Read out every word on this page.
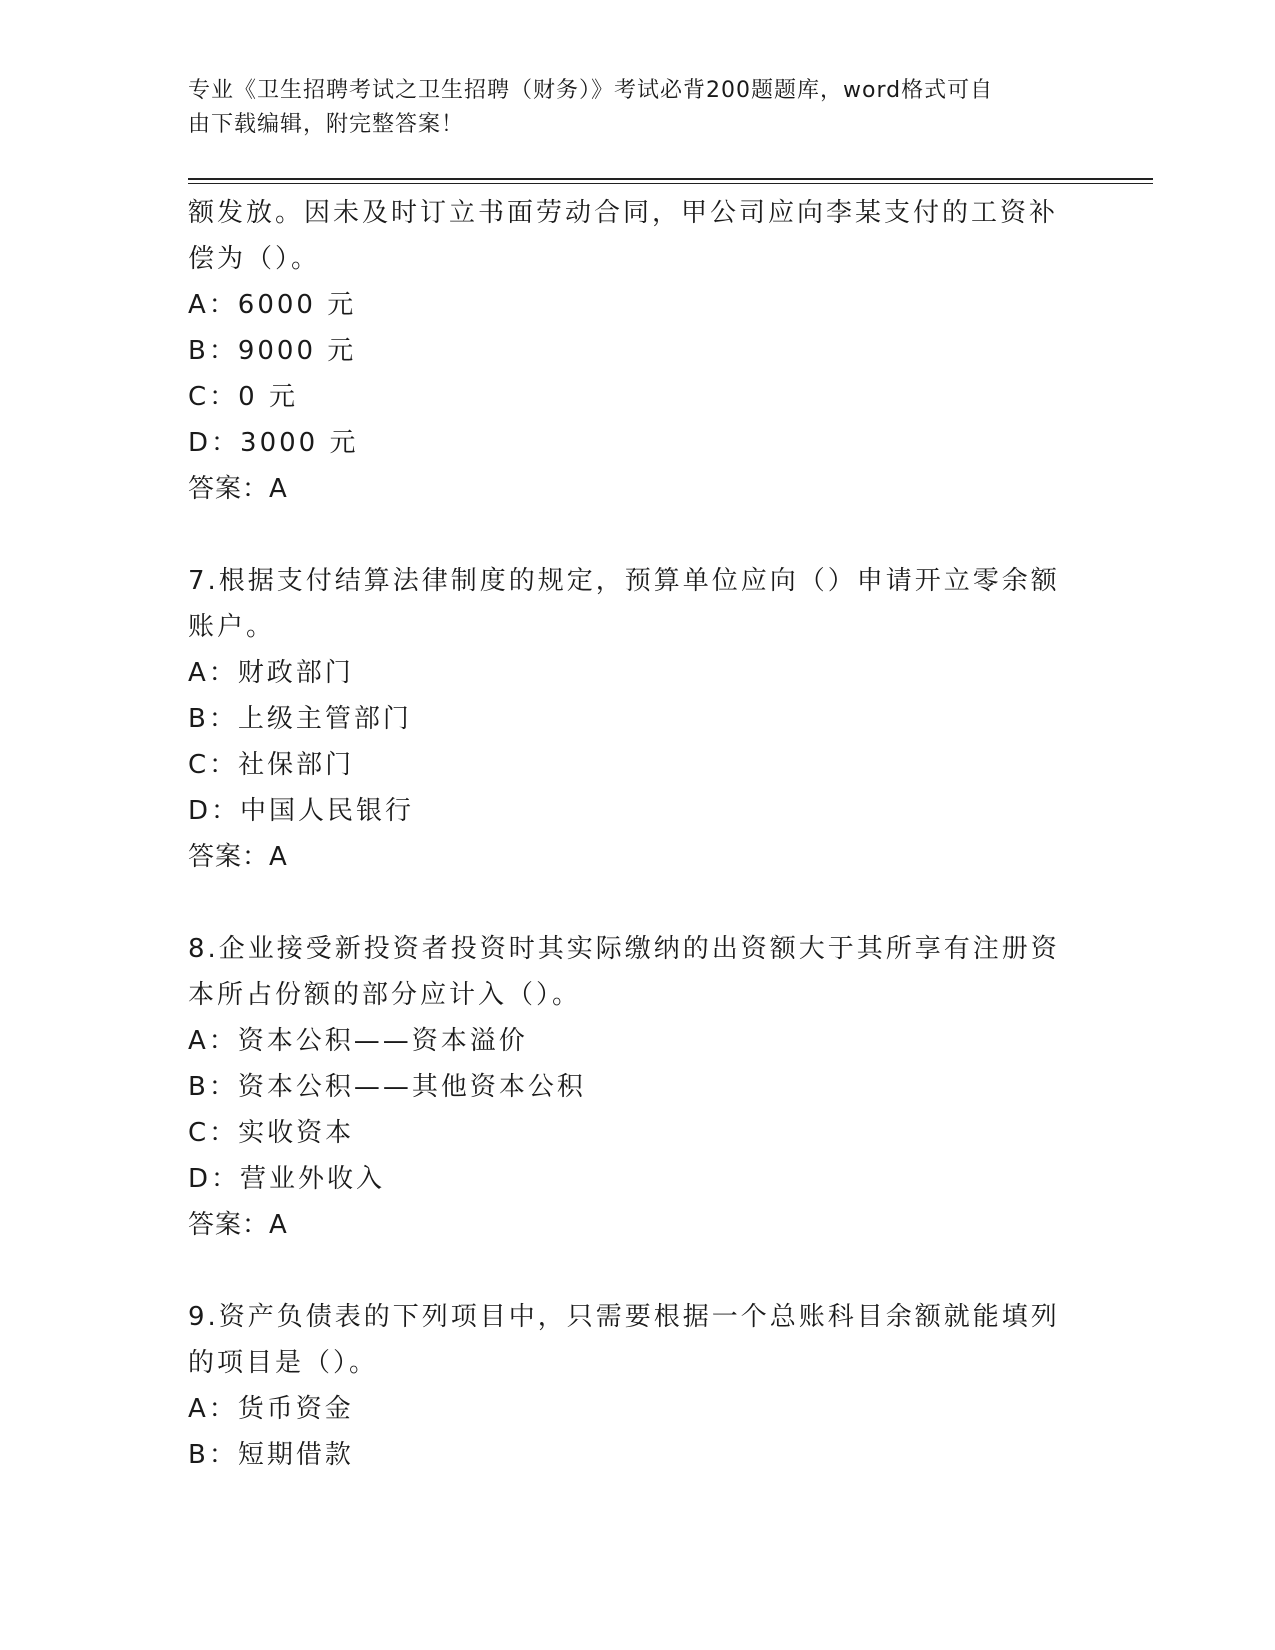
专业《卫生招聘考试之卫生招聘（财务）》考试必背200题题库，word格式可自
由下载编辑，附完整答案！
额发放。因未及时订立书面劳动合同，甲公司应向李某支付的工资补
偿为（）。
A：6000 元
B：9000 元
C：0 元
D：3000 元
答案：A
7.根据支付结算法律制度的规定，预算单位应向（）申请开立零余额
账户。
A：财政部门
B：上级主管部门
C：社保部门
D：中国人民银行
答案：A
8.企业接受新投资者投资时其实际缴纳的出资额大于其所享有注册资
本所占份额的部分应计入（）。
A：资本公积——资本溢价
B：资本公积——其他资本公积
C：实收资本
D：营业外收入
答案：A
9.资产负债表的下列项目中，只需要根据一个总账科目余额就能填列
的项目是（）。
A：货币资金
B：短期借款
